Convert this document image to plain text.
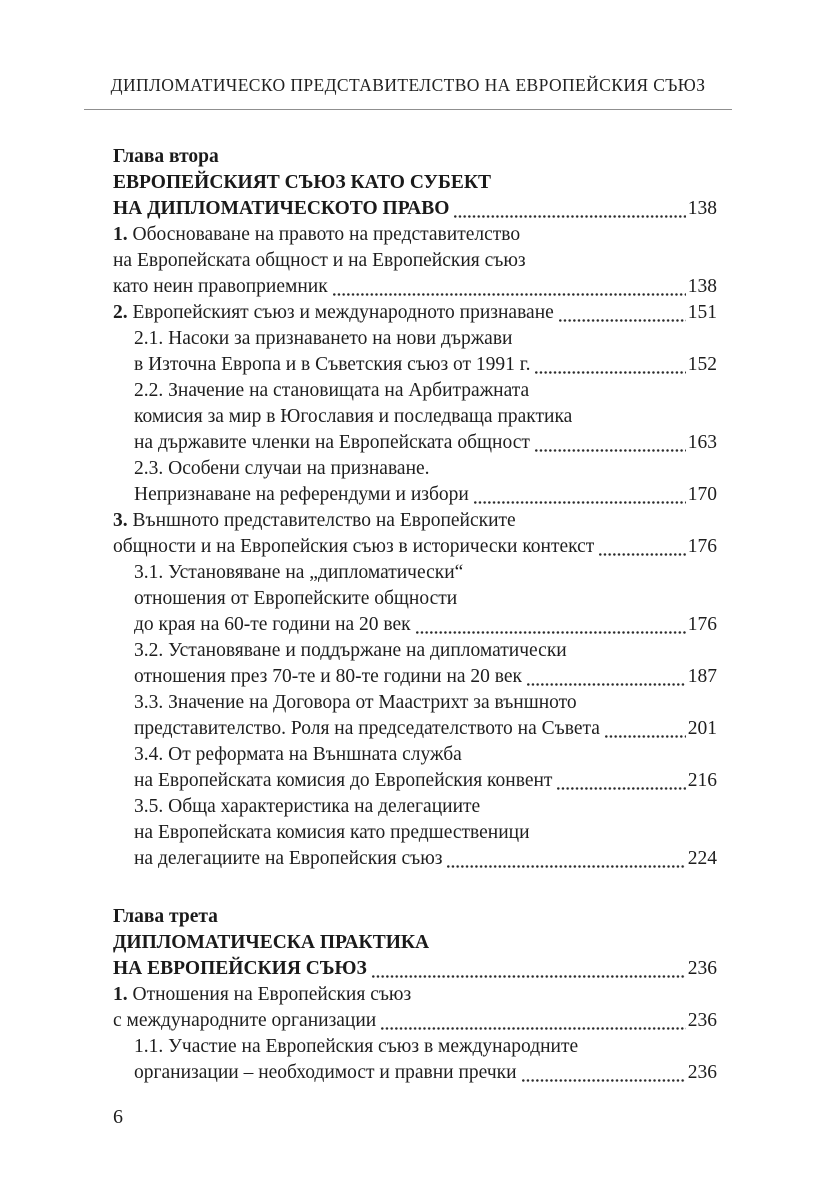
ДИПЛОМАТИЧЕСКО ПРЕДСТАВИТЕЛСТВО НА ЕВРОПЕЙСКИЯ СЪЮЗ
Глава втора
ЕВРОПЕЙСКИЯТ СЪЮЗ КАТО СУБЕКТ
НА ДИПЛОМАТИЧЕСКОТО ПРАВО	138
1. Обосноваване на правото на представителство
на Европейската общност и на Европейския съюз
като неин правоприемник	138
2. Европейският съюз и международното признаване	151
2.1. Насоки за признаването на нови държави
в Източна Европа и в Съветския съюз от 1991 г.	152
2.2. Значение на становищата на Арбитражната
комисия за мир в Югославия и последваща практика
на държавите членки на Европейската общност	163
2.3. Особени случаи на признаване.
Непризнаване на референдуми и избори	170
3. Външното представителство на Европейските
общности и на Европейския съюз в исторически контекст	176
3.1. Установяване на „дипломатически“
отношения от Европейските общности
до края на 60-те години на 20 век	176
3.2. Установяване и поддържане на дипломатически
отношения през 70-те и 80-те години на 20 век	187
3.3. Значение на Договора от Маастрихт за външното
представителство. Роля на председателството на Съвета	201
3.4. От реформата на Външната служба
на Европейската комисия до Европейския конвент	216
3.5. Обща характеристика на делегациите
на Европейската комисия като предшественици
на делегациите на Европейския съюз	224
Глава трета
ДИПЛОМАТИЧЕСКА ПРАКТИКА
НА ЕВРОПЕЙСКИЯ СЪЮЗ	236
1. Отношения на Европейския съюз
с международните организации	236
1.1. Участие на Европейския съюз в международните
организации – необходимост и правни пречки	236
6
